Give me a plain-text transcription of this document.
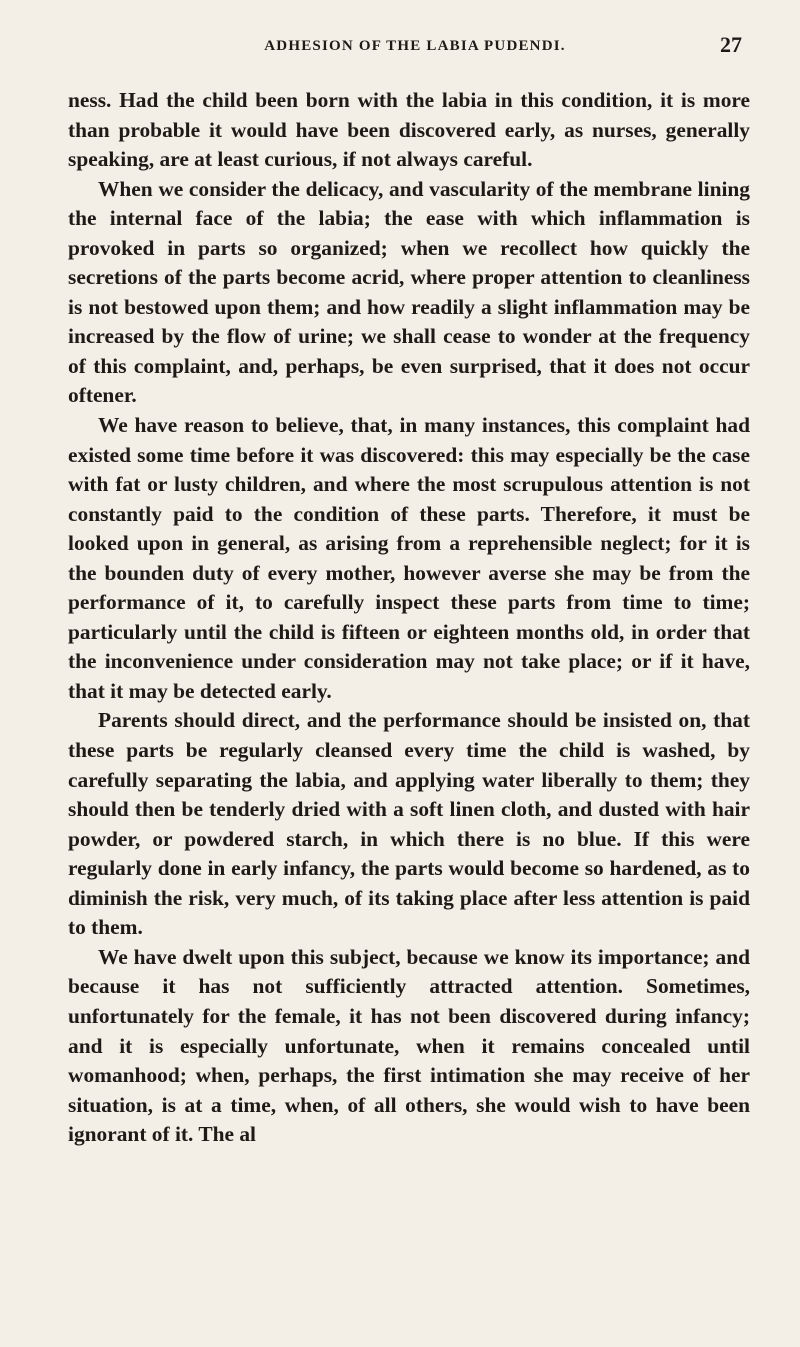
ADHESION OF THE LABIA PUDENDI.	27

ness. Had the child been born with the labia in this condition, it is more than probable it would have been discovered early, as nurses, generally speaking, are at least curious, if not always careful.

When we consider the delicacy, and vascularity of the membrane lining the internal face of the labia; the ease with which inflammation is provoked in parts so organized; when we recollect how quickly the secretions of the parts become acrid, where proper attention to cleanliness is not bestowed upon them; and how readily a slight inflammation may be increased by the flow of urine; we shall cease to wonder at the frequency of this complaint, and, perhaps, be even surprised, that it does not occur oftener.

We have reason to believe, that, in many instances, this complaint had existed some time before it was discovered: this may especially be the case with fat or lusty children, and where the most scrupulous attention is not constantly paid to the condition of these parts. Therefore, it must be looked upon in general, as arising from a reprehensible neglect; for it is the bounden duty of every mother, however averse she may be from the performance of it, to carefully inspect these parts from time to time; particularly until the child is fifteen or eighteen months old, in order that the inconvenience under consideration may not take place; or if it have, that it may be detected early.

Parents should direct, and the performance should be insisted on, that these parts be regularly cleansed every time the child is washed, by carefully separating the labia, and applying water liberally to them; they should then be tenderly dried with a soft linen cloth, and dusted with hair powder, or powdered starch, in which there is no blue. If this were regularly done in early infancy, the parts would become so hardened, as to diminish the risk, very much, of its taking place after less attention is paid to them.

We have dwelt upon this subject, because we know its importance; and because it has not sufficiently attracted attention. Sometimes, unfortunately for the female, it has not been discovered during infancy; and it is especially unfortunate, when it remains concealed until womanhood; when, perhaps, the first intimation she may receive of her situation, is at a time, when, of all others, she would wish to have been ignorant of it. The al
